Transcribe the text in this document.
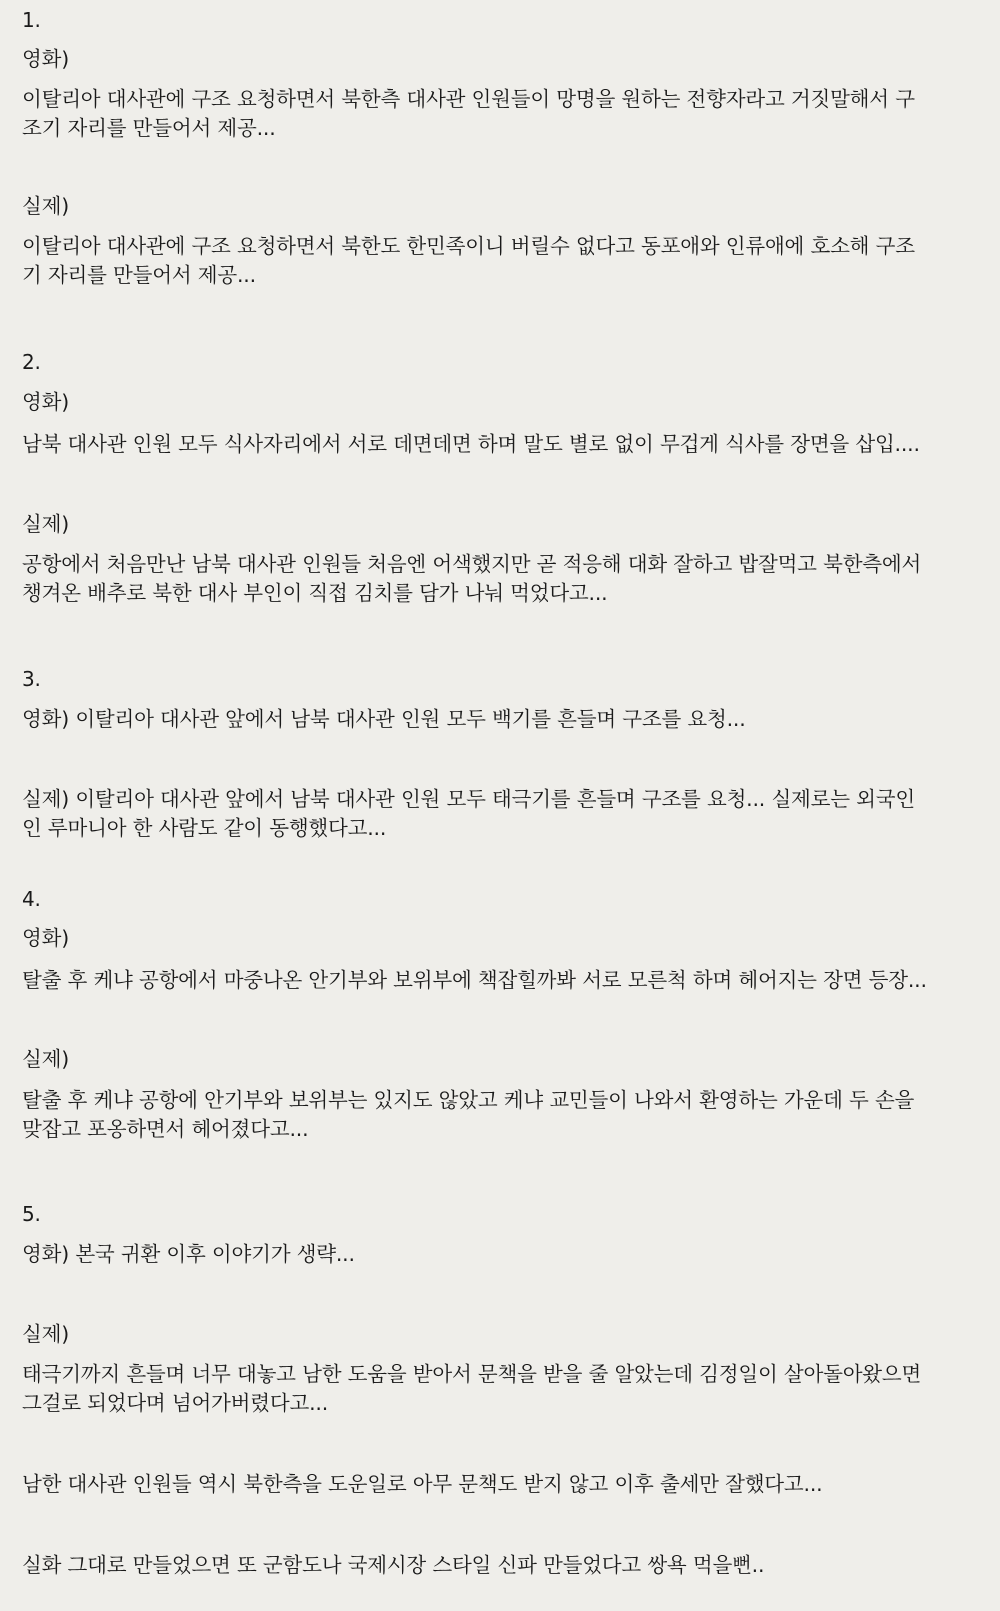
1.
영화)
이탈리아 대사관에 구조 요청하면서 북한측 대사관 인원들이 망명을 원하는 전향자라고 거짓말해서 구
조기 자리를 만들어서 제공...
실제)
이탈리아 대사관에 구조 요청하면서 북한도 한민족이니 버릴수 없다고 동포애와 인류애에 호소해 구조
기 자리를 만들어서 제공...
2.
영화)
남북 대사관 인원 모두 식사자리에서 서로 데면데면 하며 말도 별로 없이 무겁게 식사를 장면을 삽입....
실제)
공항에서 처음만난 남북 대사관 인원들 처음엔 어색했지만 곧 적응해 대화 잘하고 밥잘먹고 북한측에서
챙겨온 배추로 북한 대사 부인이 직접 김치를 담가 나눠 먹었다고...
3.
영화) 이탈리아 대사관 앞에서 남북 대사관 인원 모두 백기를 흔들며 구조를 요청...
실제) 이탈리아 대사관 앞에서 남북 대사관 인원 모두 태극기를 흔들며 구조를 요청... 실제로는 외국인
인 루마니아 한 사람도 같이 동행했다고...
4.
영화)
탈출 후 케냐 공항에서 마중나온 안기부와 보위부에 책잡힐까봐 서로 모른척 하며 헤어지는 장면 등장...
실제)
탈출 후 케냐 공항에 안기부와 보위부는 있지도 않았고 케냐 교민들이 나와서 환영하는 가운데 두 손을
맞잡고 포옹하면서 헤어졌다고...
5.
영화) 본국 귀환 이후 이야기가 생략...
실제)
태극기까지 흔들며 너무 대놓고 남한 도움을 받아서 문책을 받을 줄 알았는데 김정일이 살아돌아왔으면
그걸로 되었다며 넘어가버렸다고...
남한 대사관 인원들 역시 북한측을 도운일로 아무 문책도 받지 않고 이후 출세만 잘했다고...
실화 그대로 만들었으면 또 군함도나 국제시장 스타일 신파 만들었다고 쌍욕 먹을뻔..
